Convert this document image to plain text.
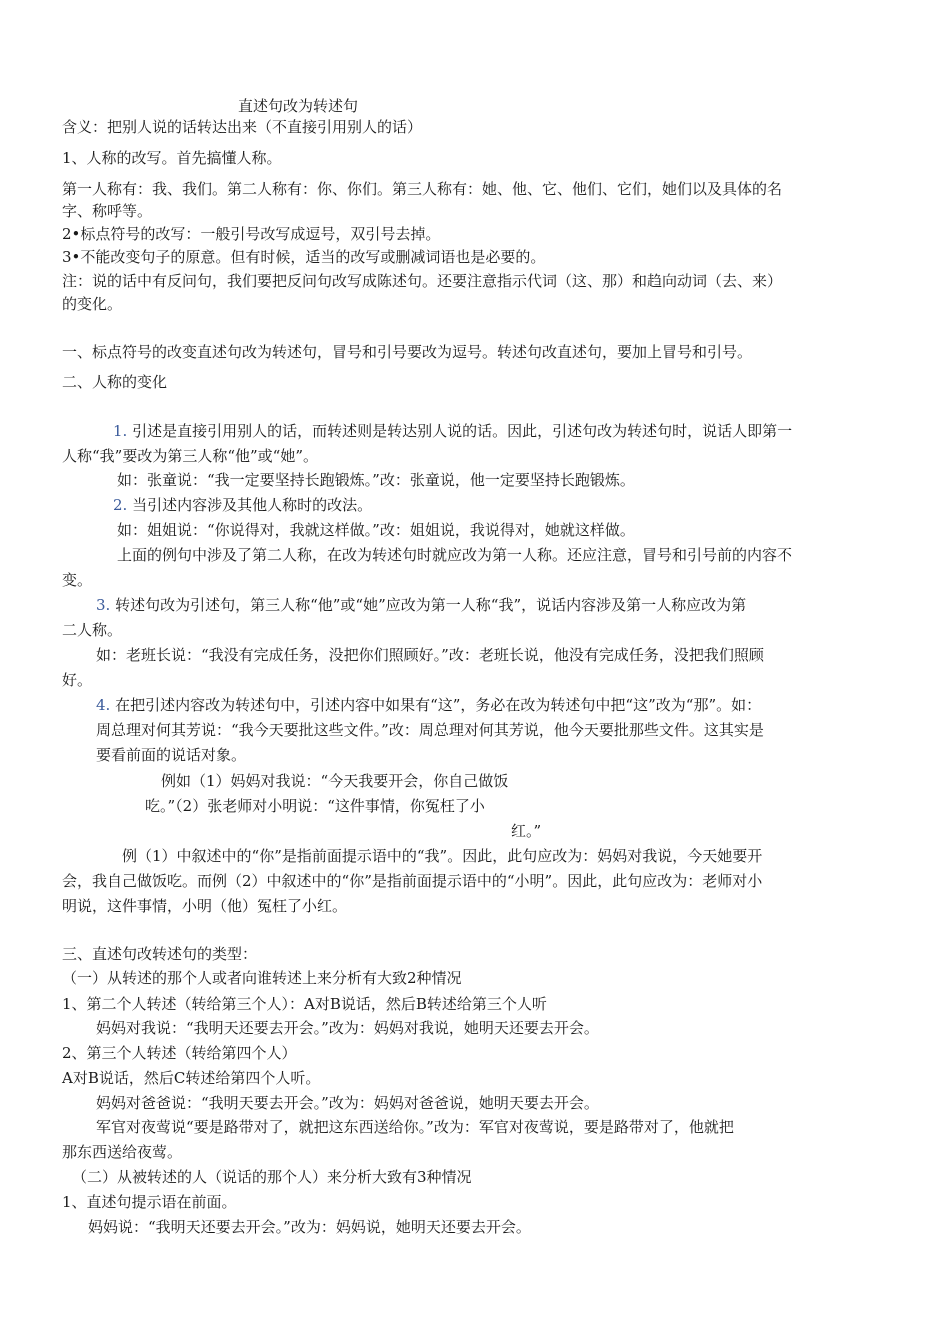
直述句改为转述句
含义：把别人说的话转达出来（不直接引用别人的话）
1、人称的改写。首先搞懂人称。
第一人称有：我、我们。第二人称有：你、你们。第三人称有：她、他、它、他们、它们，她们以及具体的名
字、称呼等。
2•标点符号的改写：一般引号改写成逗号，双引号去掉。
3•不能改变句子的原意。但有时候，适当的改写或删减词语也是必要的。
注：说的话中有反问句，我们要把反问句改写成陈述句。还要注意指示代词（这、那）和趋向动词（去、来）
的变化。
一、标点符号的改变直述句改为转述句，冒号和引号要改为逗号。转述句改直述句，要加上冒号和引号。
二、人称的变化
1. 引述是直接引用别人的话，而转述则是转达别人说的话。因此，引述句改为转述句时，说话人即第一
人称“我”要改为第三人称“他”或“她”。
如：张童说：“我一定要坚持长跑锻炼。”改：张童说，他一定要坚持长跑锻炼。
2. 当引述内容涉及其他人称时的改法。
如：姐姐说：“你说得对，我就这样做。”改：姐姐说，我说得对，她就这样做。
上面的例句中涉及了第二人称，在改为转述句时就应改为第一人称。还应注意，冒号和引号前的内容不
变。
3. 转述句改为引述句，第三人称“他”或“她”应改为第一人称“我”，说话内容涉及第一人称应改为第
二人称。
如：老班长说：“我没有完成任务，没把你们照顾好。”改：老班长说，他没有完成任务，没把我们照顾
好。
4. 在把引述内容改为转述句中，引述内容中如果有“这”，务必在改为转述句中把“这”改为“那”。如：
周总理对何其芳说：“我今天要批这些文件。”改：周总理对何其芳说，他今天要批那些文件。这其实是
要看前面的说话对象。
例如（1）妈妈对我说：“今天我要开会，你自己做饭
吃。”（2）张老师对小明说：“这件事情，你冤枉了小
红。”
例（1）中叙述中的“你”是指前面提示语中的“我”。因此，此句应改为：妈妈对我说，今天她要开
会，我自己做饭吃。而例（2）中叙述中的“你”是指前面提示语中的“小明”。因此，此句应改为：老师对小
明说，这件事情，小明（他）冤枉了小红。
三、直述句改转述句的类型：
（一）从转述的那个人或者向谁转述上来分析有大致2种情况
1、第二个人转述（转给第三个人）：A对B说话，然后B转述给第三个人听
妈妈对我说：“我明天还要去开会。”改为：妈妈对我说，她明天还要去开会。
2、第三个人转述（转给第四个人）
A对B说话，然后C转述给第四个人听。
妈妈对爸爸说：“我明天要去开会。”改为：妈妈对爸爸说，她明天要去开会。
军官对夜莺说“要是路带对了，就把这东西送给你。”改为：军官对夜莺说，要是路带对了，他就把
那东西送给夜莺。
（二）从被转述的人（说话的那个人）来分析大致有3种情况
1、直述句提示语在前面。
妈妈说：“我明天还要去开会。”改为：妈妈说，她明天还要去开会。
